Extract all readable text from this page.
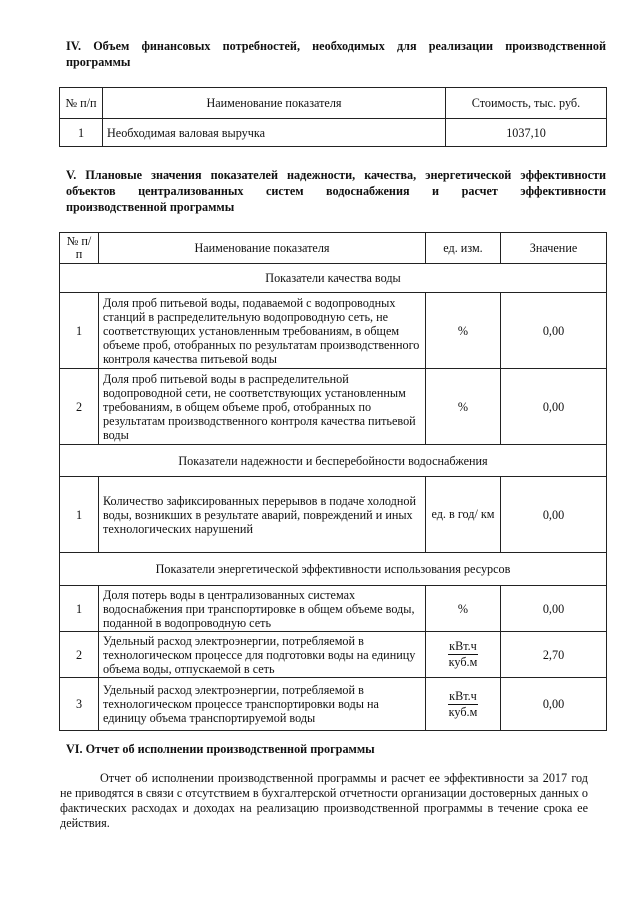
IV. Объем финансовых потребностей, необходимых для реализации производственной
программы
№ п/п	Наименование показателя	Стоимость, тыс. руб.
1	Необходимая валовая выручка	1037,10
V. Плановые значения показателей надежности, качества, энергетической эффективности
объектов централизованных систем водоснабжения и расчет эффективности
производственной программы
№ п/п	Наименование показателя	ед. изм.	Значение
Показатели качества воды			
1	Доля проб питьевой воды, подаваемой с водопроводных станций в распределительную водопроводную сеть, не соответствующих установленным требованиям, в общем объеме проб, отобранных по результатам производственного контроля качества питьевой воды	%	0,00
2	Доля проб питьевой воды в распределительной водопроводной сети, не соответствующих установленным требованиям, в общем объеме проб, отобранных по результатам производственного контроля качества питьевой воды	%	0,00
Показатели надежности и бесперебойности водоснабжения			
1	Количество зафиксированных перерывов в подаче холодной воды, возникших в результате аварий, повреждений и иных технологических нарушений	ед. в год/ км	0,00
Показатели энергетической эффективности использования ресурсов			
1	Доля потерь воды в централизованных системах водоснабжения при транспортировке в общем объеме воды, поданной в водопроводную сеть	%	0,00
2	Удельный расход электроэнергии, потребляемой в технологическом процессе для подготовки воды на единицу объема воды, отпускаемой в сеть	$\frac{\text{кВт.ч}}{\text{куб.м}}$	2,70
3	Удельный расход электроэнергии, потребляемой в технологическом процессе транспортировки воды на единицу объема транспортируемой воды	$\frac{\text{кВт.ч}}{\text{куб.м}}$	0,00
VI. Отчет об исполнении производственной программы
Отчет об исполнении производственной программы и расчет ее эффективности за 2017 год не приводятся в связи с отсутствием в бухгалтерской отчетности организации достоверных данных о фактических расходах и доходах на реализацию производственной программы в течение срока ее действия.
